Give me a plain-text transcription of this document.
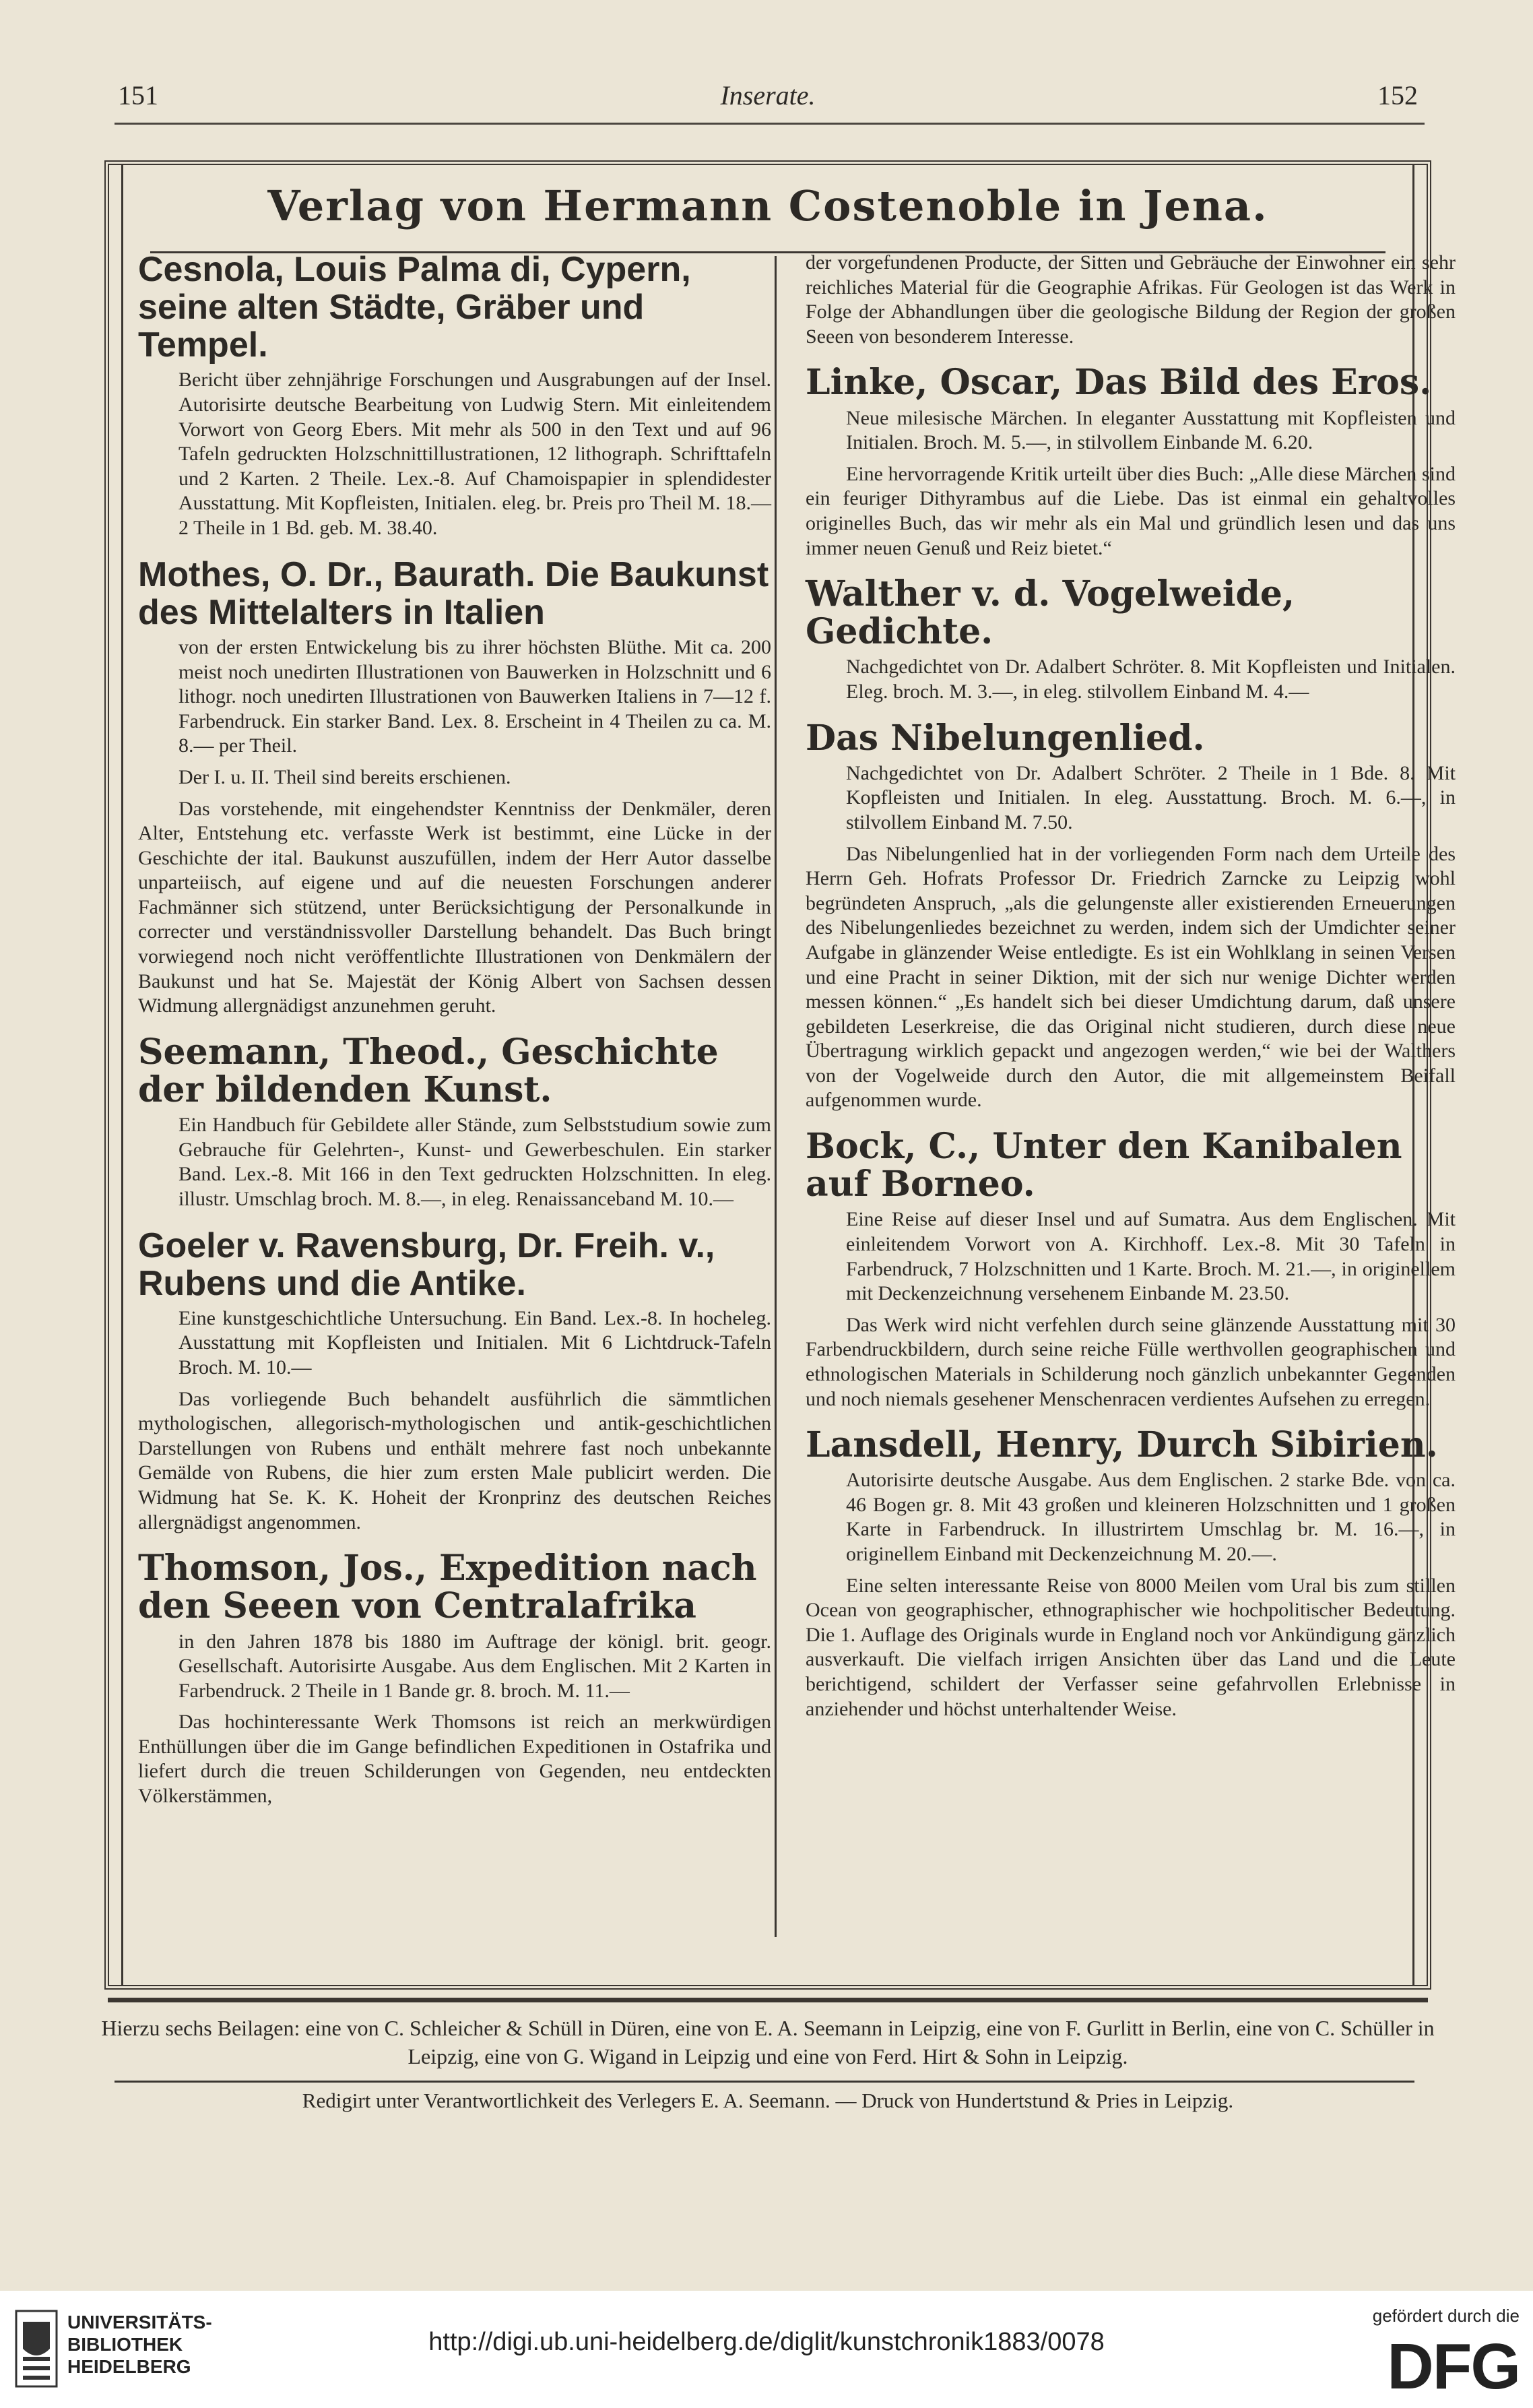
151	Inserate.	152
Verlag von Hermann Costenoble in Jena.
Cesnola, Louis Palma di, Cypern, seine alten Städte, Gräber und Tempel.
Bericht über zehnjährige Forschungen und Ausgrabungen auf der Insel. Autorisirte deutsche Bearbeitung von Ludwig Stern. Mit einleitendem Vorwort von Georg Ebers. Mit mehr als 500 in den Text und auf 96 Tafeln gedruckten Holzschnittillustrationen, 12 lithograph. Schrifttafeln und 2 Karten. 2 Theile. Lex.-8. Auf Chamoispapier in splendidester Ausstattung. Mit Kopfleisten, Initialen. eleg. br. Preis pro Theil M. 18.— 2 Theile in 1 Bd. geb. M. 38.40.
Mothes, O. Dr., Baurath. Die Baukunst des Mittelalters in Italien
von der ersten Entwickelung bis zu ihrer höchsten Blüthe. Mit ca. 200 meist noch unedirten Illustrationen von Bauwerken in Holzschnitt und 6 lithogr. noch unedirten Illustrationen von Bauwerken Italiens in 7—12 f. Farbendruck. Ein starker Band. Lex. 8. Erscheint in 4 Theilen zu ca. M. 8.— per Theil.
Der I. u. II. Theil sind bereits erschienen.
Das vorstehende, mit eingehendster Kenntniss der Denkmäler, deren Alter, Entstehung etc. verfasste Werk ist bestimmt, eine Lücke in der Geschichte der ital. Baukunst auszufüllen, indem der Herr Autor dasselbe unparteiisch, auf eigene und auf die neuesten Forschungen anderer Fachmänner sich stützend, unter Berücksichtigung der Personalkunde in correcter und verständnissvoller Darstellung behandelt. Das Buch bringt vorwiegend noch nicht veröffentlichte Illustrationen von Denkmälern der Baukunst und hat Se. Majestät der König Albert von Sachsen dessen Widmung allergnädigst anzunehmen geruht.
Seemann, Theod., Geschichte der bildenden Kunst.
Ein Handbuch für Gebildete aller Stände, zum Selbststudium sowie zum Gebrauche für Gelehrten-, Kunst- und Gewerbeschulen. Ein starker Band. Lex.-8. Mit 166 in den Text gedruckten Holzschnitten. In eleg. illustr. Umschlag broch. M. 8.—, in eleg. Renaissanceband M. 10.—
Goeler v. Ravensburg, Dr. Freih. v., Rubens und die Antike.
Eine kunstgeschichtliche Untersuchung. Ein Band. Lex.-8. In hocheleg. Ausstattung mit Kopfleisten und Initialen. Mit 6 Lichtdruck-Tafeln Broch. M. 10.—
Das vorliegende Buch behandelt ausführlich die sämmtlichen mythologischen, allegorisch-mythologischen und antik-geschichtlichen Darstellungen von Rubens und enthält mehrere fast noch unbekannte Gemälde von Rubens, die hier zum ersten Male publicirt werden. Die Widmung hat Se. K. K. Hoheit der Kronprinz des deutschen Reiches allergnädigst angenommen.
Thomson, Jos., Expedition nach den Seeen von Centralafrika
in den Jahren 1878 bis 1880 im Auftrage der königl. brit. geogr. Gesellschaft. Autorisirte Ausgabe. Aus dem Englischen. Mit 2 Karten in Farbendruck. 2 Theile in 1 Bande gr. 8. broch. M. 11.—
Das hochinteressante Werk Thomsons ist reich an merkwürdigen Enthüllungen über die im Gange befindlichen Expeditionen in Ostafrika und liefert durch die treuen Schilderungen von Gegenden, neu entdeckten Völkerstämmen,
der vorgefundenen Producte, der Sitten und Gebräuche der Einwohner ein sehr reichliches Material für die Geographie Afrikas. Für Geologen ist das Werk in Folge der Abhandlungen über die geologische Bildung der Region der großen Seeen von besonderem Interesse.
Linke, Oscar, Das Bild des Eros.
Neue milesische Märchen. In eleganter Ausstattung mit Kopfleisten und Initialen. Broch. M. 5.—, in stilvollem Einbande M. 6.20.
Eine hervorragende Kritik urteilt über dies Buch: „Alle diese Märchen sind ein feuriger Dithyrambus auf die Liebe. Das ist einmal ein gehaltvolles originelles Buch, das wir mehr als ein Mal und gründlich lesen und das uns immer neuen Genuß und Reiz bietet.“
Walther v. d. Vogelweide, Gedichte.
Nachgedichtet von Dr. Adalbert Schröter. 8. Mit Kopfleisten und Initialen. Eleg. broch. M. 3.—, in eleg. stilvollem Einband M. 4.—
Das Nibelungenlied.
Nachgedichtet von Dr. Adalbert Schröter. 2 Theile in 1 Bde. 8. Mit Kopfleisten und Initialen. In eleg. Ausstattung. Broch. M. 6.—, in stilvollem Einband M. 7.50.
Das Nibelungenlied hat in der vorliegenden Form nach dem Urteile des Herrn Geh. Hofrats Professor Dr. Friedrich Zarncke zu Leipzig wohl begründeten Anspruch, „als die gelungenste aller existierenden Erneuerungen des Nibelungenliedes bezeichnet zu werden, indem sich der Umdichter seiner Aufgabe in glänzender Weise entledigte. Es ist ein Wohlklang in seinen Versen und eine Pracht in seiner Diktion, mit der sich nur wenige Dichter werden messen können.“ „Es handelt sich bei dieser Umdichtung darum, daß unsere gebildeten Leserkreise, die das Original nicht studieren, durch diese neue Übertragung wirklich gepackt und angezogen werden,“ wie bei der Walthers von der Vogelweide durch den Autor, die mit allgemeinstem Beifall aufgenommen wurde.
Bock, C., Unter den Kanibalen auf Borneo.
Eine Reise auf dieser Insel und auf Sumatra. Aus dem Englischen. Mit einleitendem Vorwort von A. Kirchhoff. Lex.-8. Mit 30 Tafeln in Farbendruck, 7 Holzschnitten und 1 Karte. Broch. M. 21.—, in originellem mit Deckenzeichnung versehenem Einbande M. 23.50.
Das Werk wird nicht verfehlen durch seine glänzende Ausstattung mit 30 Farbendruckbildern, durch seine reiche Fülle werthvollen geographischen und ethnologischen Materials in Schilderung noch gänzlich unbekannter Gegenden und noch niemals gesehener Menschenracen verdientes Aufsehen zu erregen.
Lansdell, Henry, Durch Sibirien.
Autorisirte deutsche Ausgabe. Aus dem Englischen. 2 starke Bde. von ca. 46 Bogen gr. 8. Mit 43 großen und kleineren Holzschnitten und 1 großen Karte in Farbendruck. In illustrirtem Umschlag br. M. 16.—, in originellem Einband mit Deckenzeichnung M. 20.—.
Eine selten interessante Reise von 8000 Meilen vom Ural bis zum stillen Ocean von geographischer, ethnographischer wie hochpolitischer Bedeutung. Die 1. Auflage des Originals wurde in England noch vor Ankündigung gänzlich ausverkauft. Die vielfach irrigen Ansichten über das Land und die Leute berichtigend, schildert der Verfasser seine gefahrvollen Erlebnisse in anziehender und höchst unterhaltender Weise.
Hierzu sechs Beilagen: eine von C. Schleicher & Schüll in Düren, eine von E. A. Seemann in Leipzig, eine von F. Gurlitt in Berlin, eine von C. Schüller in Leipzig, eine von G. Wigand in Leipzig und eine von Ferd. Hirt & Sohn in Leipzig.
Redigirt unter Verantwortlichkeit des Verlegers E. A. Seemann. — Druck von Hundertstund & Pries in Leipzig.
UNIVERSITÄTS-
BIBLIOTHEK
HEIDELBERG
http://digi.ub.uni-heidelberg.de/diglit/kunstchronik1883/0078
gefördert durch die
DFG
